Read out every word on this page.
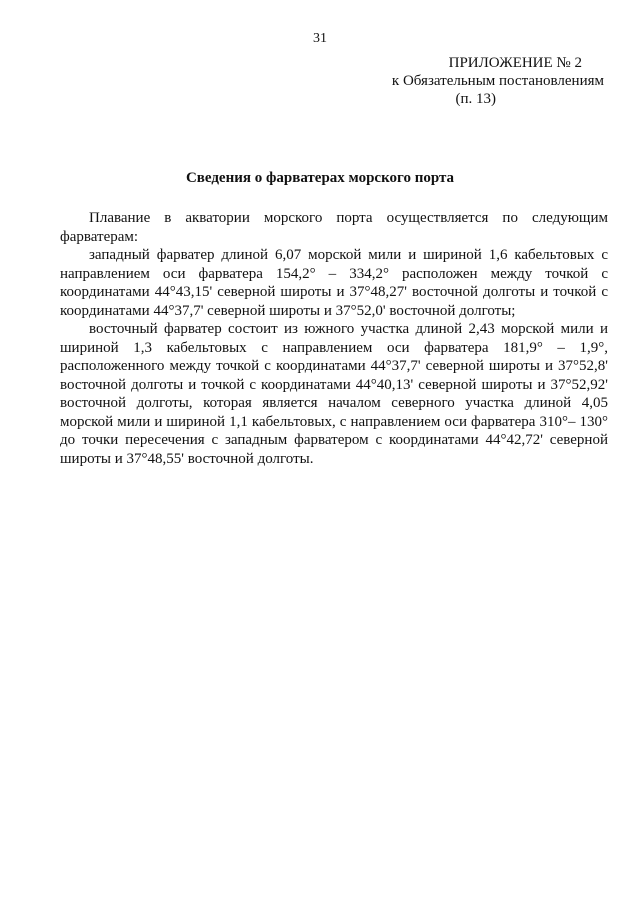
31
ПРИЛОЖЕНИЕ № 2
к Обязательным постановлениям
(п. 13)
Сведения о фарватерах морского порта

Плавание в акватории морского порта осуществляется по следующим фарватерам:

западный фарватер длиной 6,07 морской мили и шириной 1,6 кабельтовых с направлением оси фарватера 154,2° – 334,2° расположен между точкой с координатами 44°43,15' северной широты и 37°48,27' восточной долготы и точкой с координатами 44°37,7' северной широты и 37°52,0' восточной долготы;

восточный фарватер состоит из южного участка длиной 2,43 морской мили и шириной 1,3 кабельтовых с направлением оси фарватера 181,9° – 1,9°, расположенного между точкой с координатами 44°37,7' северной широты и 37°52,8' восточной долготы и точкой с координатами 44°40,13' северной широты и 37°52,92' восточной долготы, которая является началом северного участка длиной 4,05 морской мили и шириной 1,1 кабельтовых, с направлением оси фарватера 310°– 130° до точки пересечения с западным фарватером с координатами 44°42,72' северной широты и 37°48,55' восточной долготы.
